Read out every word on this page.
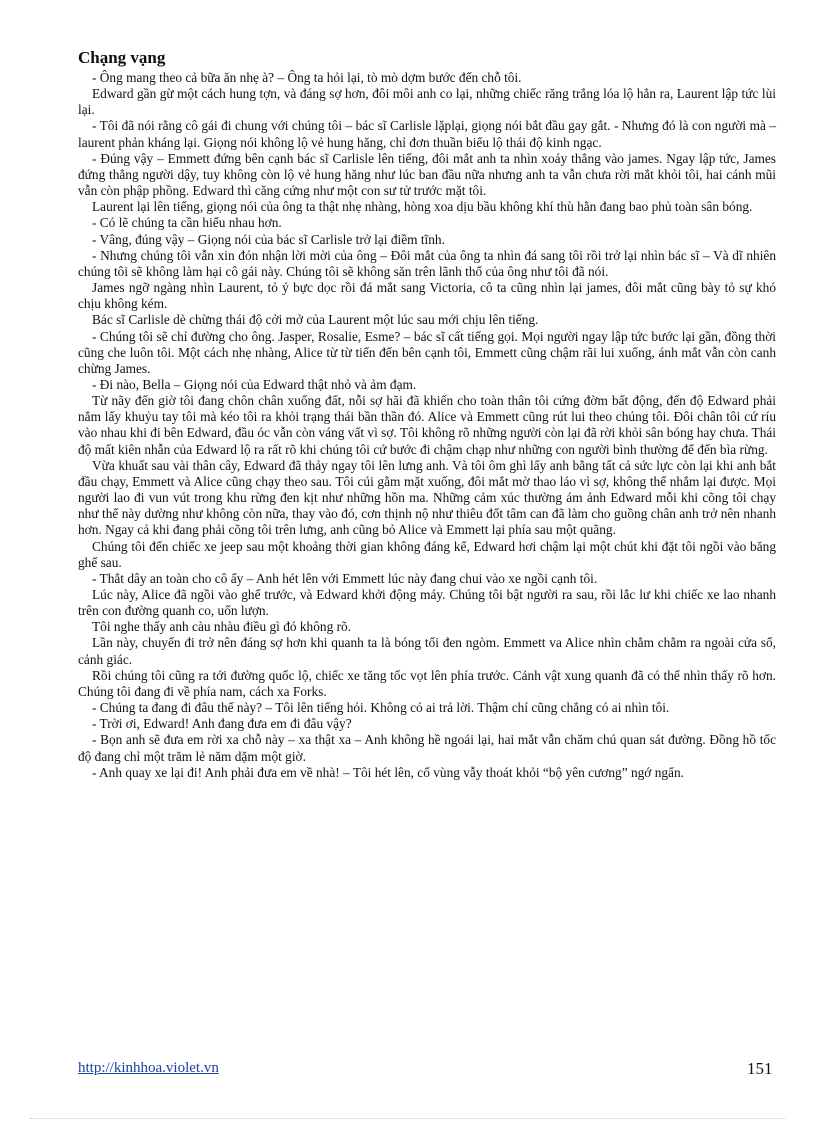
Chạng vạng

- Ông mang theo cả bữa ăn nhẹ à? – Ông ta hỏi lại, tò mò dợm bước đến chỗ tôi.

Edward gần gừ một cách hung tợn, và đáng sợ hơn, đôi môi anh co lại, những chiếc răng trắng lóa lộ hẳn ra, Laurent lập tức lùi lại.

- Tôi đã nói rằng cô gái đi chung với chúng tôi – bác sĩ Carlisle lặplại, giọng nói bắt đầu gay gắt. - Nhưng đó là con người mà – laurent phản kháng lại. Giọng nói không lộ vẻ hung hăng, chỉ đơn thuần biểu lộ thái độ kinh ngạc.

- Đúng vậy – Emmett đứng bên cạnh bác sĩ Carlisle lên tiếng, đôi mắt anh ta nhìn xoáy thẳng vào james. Ngay lập tức, James đứng thẳng người dậy, tuy không còn lộ vẻ hung hăng như lúc ban đầu nữa nhưng anh ta vẫn chưa rời mắt khỏi tôi, hai cánh mũi vẫn còn phập phồng. Edward thì căng cứng như một con sư tử trước mặt tôi.

Laurent lại lên tiếng, giọng nói của ông ta thật nhẹ nhàng, hòng xoa dịu bầu không khí thù hằn đang bao phủ toàn sân bóng.

- Có lẽ chúng ta cần hiểu nhau hơn.

- Vâng, đúng vậy – Giọng nói của bác sĩ Carlisle trở lại điềm tĩnh.

- Nhưng chúng tôi vẫn xin đón nhận lời mời của ông – Đôi mắt của ông ta nhìn đá sang tôi rồi trở lại nhìn bác sĩ – Và dĩ nhiên chúng tôi sẽ không làm hại cô gái này. Chúng tôi sẽ không săn trên lãnh thổ của ông như tôi đã nói.

James ngỡ ngàng nhìn Laurent, tỏ ý bực dọc rồi đá mắt sang Victoria, cô ta cũng nhìn lại james, đôi mắt cũng bày tỏ sự khó chịu không kém.

Bác sĩ Carlisle dè chừng thái độ cởi mở của Laurent một lúc sau mới chịu lên tiếng.

- Chúng tôi sẽ chỉ đường cho ông. Jasper, Rosalie, Esme? – bác sĩ cất tiếng gọi. Mọi người ngay lập tức bước lại gần, đồng thời cũng che luôn tôi. Một cách nhẹ nhàng, Alice từ từ tiến đến bên cạnh tôi, Emmett cũng chậm rãi lui xuống, ánh mắt vẫn còn canh chừng James.

- Đi nào, Bella – Giọng nói của Edward thật nhỏ và ảm đạm.

Từ nãy đến giờ tôi đang chôn chân xuống đất, nỗi sợ hãi đã khiến cho toàn thân tôi cứng đờm bất động, đến độ Edward phải nắm lấy khuỷu tay tôi mà kéo tôi ra khỏi trạng thái bần thần đó. Alice và Emmett cũng rút lui theo chúng tôi. Đôi chân tôi cứ ríu vào nhau khi đi bên Edward, đầu óc vẫn còn váng vất vì sợ. Tôi không rõ những người còn lại đã rời khỏi sân bóng hay chưa. Thái độ mất kiên nhẫn của Edward lộ ra rất rõ khi chúng tôi cứ bước đi chậm chạp như những con người bình thường để đến bìa rừng.

Vừa khuất sau vài thân cây, Edward đã thảy ngay tôi lên lưng anh. Và tôi ôm ghì lấy anh bằng tất cả sức lực còn lại khi anh bắt đầu chạy, Emmett và Alice cũng chạy theo sau. Tôi cúi gằm mặt xuống, đôi mắt mờ thao láo vì sợ, không thể nhắm lại được. Mọi người lao đi vun vút trong khu rừng đen kịt như những hồn ma. Những cảm xúc thường ám ảnh Edward mỗi khi cõng tôi chạy như thế này dường như không còn nữa, thay vào đó, cơn thịnh nộ như thiêu đốt tâm can đã làm cho guồng chân anh trở nên nhanh hơn. Ngay cả khi đang phải cõng tôi trên lưng, anh cũng bỏ Alice và Emmett lại phía sau một quãng.

Chúng tôi đến chiếc xe jeep sau một khoảng thời gian không đáng kể, Edward hơi chậm lại một chút khi đặt tôi ngồi vào băng ghế sau.

- Thắt dây an toàn cho cô ấy – Anh hét lên với Emmett lúc này đang chui vào xe ngồi cạnh tôi.

Lúc này, Alice đã ngồi vào ghế trước, và Edward khởi động máy. Chúng tôi bật người ra sau, rồi lắc lư khi chiếc xe lao nhanh trên con đường quanh co, uốn lượn.

Tôi nghe thấy anh càu nhàu điều gì đó không rõ.

Lần này, chuyến đi trở nên đáng sợ hơn khi quanh ta là bóng tối đen ngòm. Emmett va Alice nhìn chằm chằm ra ngoài cửa sổ, cảnh giác.

Rồi chúng tôi cũng ra tới đường quốc lộ, chiếc xe tăng tốc vọt lên phía trước. Cảnh vật xung quanh đã có thể nhìn thấy rõ hơn. Chúng tôi đang đi về phía nam, cách xa Forks.

- Chúng ta đang đi đâu thế này? – Tôi lên tiếng hỏi. Không có ai trả lời. Thậm chí cũng chẳng có ai nhìn tôi.

- Trời ơi, Edward! Anh đang đưa em đi đâu vậy?

- Bọn anh sẽ đưa em rời xa chỗ này – xa thật xa – Anh không hề ngoái lại, hai mắt vẫn chăm chú quan sát đường. Đồng hồ tốc độ đang chỉ một trăm lẻ năm dặm một giờ.

- Anh quay xe lại đi! Anh phải đưa em về nhà! – Tôi hét lên, cố vùng vẫy thoát khỏi “bộ yên cương” ngớ ngẩn.

http://kinhhoa.violet.vn	151
